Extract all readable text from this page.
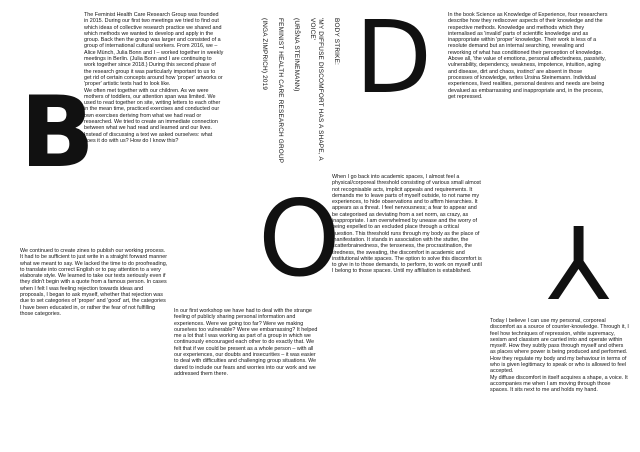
B
D
O Y

The Feminist Health Care Research Group was founded in 2015. During our first two meetings we tried to find out which ideas of collective research practice we shared and which methods we wanted to develop and apply in the group. Back then the group was larger and consisted of a group of international cultural workers. From 2016, we – Alice Münch, Julia Bonn and I – worked together in weekly meetings in Berlin. (Julia Bonn and I are continuing to work together since 2018.) During this second phase of the research group it was particularly important to us to get rid of certain concepts around how 'proper' artworks or 'proper' artistic texts had to look like.
We often met together with our children. As we were mothers of toddlers, our attention span was limited. We used to read together on site, writing letters to each other in the mean time, practiced exercises and conducted our own exercises deriving from what we had read or researched. We tried to create an immediate connection between what we had read and learned and our lives. Instead of discussing a text we asked ourselves: what does it do with us? How do I know this?

BODY STRIKE:

'MY DIFFUSE DISCOMFORT HAS A SHAPE, A VOICE'

(URŠNA STEINEMANN)

FEMINIST HEALTH CARE RESEARCH GROUP

(INGA ZIMPRICH) 2019

In the book Science as Knowledge of Experience, four researchers describe how they rediscover aspects of their knowledge and the respective methods. Knowledge and methods which they internalised as 'invalid' parts of scientific knowledge and as inappropriate within 'proper' knowledge. Their work is less of a resolute demand but an internal searching, revealing and reworking of what has conditioned their perception of knowledge. Above all, 'the value of emotions, personal affectedness, passivity, vulnerability, dependency, weakness, impotence, intuition, aging and disease, dirt and chaos, instinct' are absent in those processes of knowledge, writes Ursina Steinemann. Individual experiences, lived realities, personal desires and needs are being devalued as embarrassing and inappropriate and, in the process, get repressed.

When I go back into academic spaces, I almost feel a physical/corporeal threshold consisting of various small almost not recognisable acts, implicit appeals and requirements. It demands me to leave parts of myself outside, to not name my experiences, to hide observations and to affirm hierarchies. It appears as a threat. I feel nervousness; a fear to appear and be categorised as deviating from a set norm, as crazy, as inappropriate. I am overwhelmed by unease and the worry of being expelled to an excluded place through a critical question. This threshold runs through my body as the place of manifestation. It stands in association with the stutter, the scatterbrainedness, the tenseness, the procrastination, the tiredness, the sweating, the discomfort in academic and institutional white spaces. The option to solve this discomfort is to give in to those demands, to perform, to work on myself until I belong to those spaces. Until my affiliation is established.

We continued to create zines to publish our working process. It had to be sufficient to just write in a straight forward manner what we meant to say. We lacked the time to do proofreading, to translate into correct English or to pay attention to a very elaborate style. We learned to take our texts seriously even if they didn't begin with a quote from a famous person. In cases when I felt I was feeling rejection towards ideas and proposals, I began to ask myself, whether that rejection was due to set categories of 'proper' and 'good' art, the categories I have been educated in, or rather the fear of not fulfilling those categories.	In our first workshop we have had to deal with the strange feeling of publicly sharing personal information and experiences. Were we going too far? Were we making ourselves too vulnerable? Were we embarrassing? It helped me a lot that I was working as part of a group in which we continuously encouraged each other to do exactly that. We felt that if we could be present as a whole person – with all our experiences, our doubts and insecurities – it was easier to deal with difficulties and challenging group situations. We dared to include our fears and worries into our work and we addressed them there.

Today I believe I can use my personal, corporeal discomfort as a source of counter-knowledge. Through it, I feel how techniques of repression, white supremacy, sexism and classism are carried into and operate within myself. How they subtly pass through myself and others as places where power is being produced and performed. How they regulate my body and my behaviour in terms of who is given legitimacy to speak or who is allowed to feel accepted.
My diffuse discomfort in itself acquires a shape, a voice. It accompanies me when I am moving through those spaces. It sits next to me and holds my hand.
